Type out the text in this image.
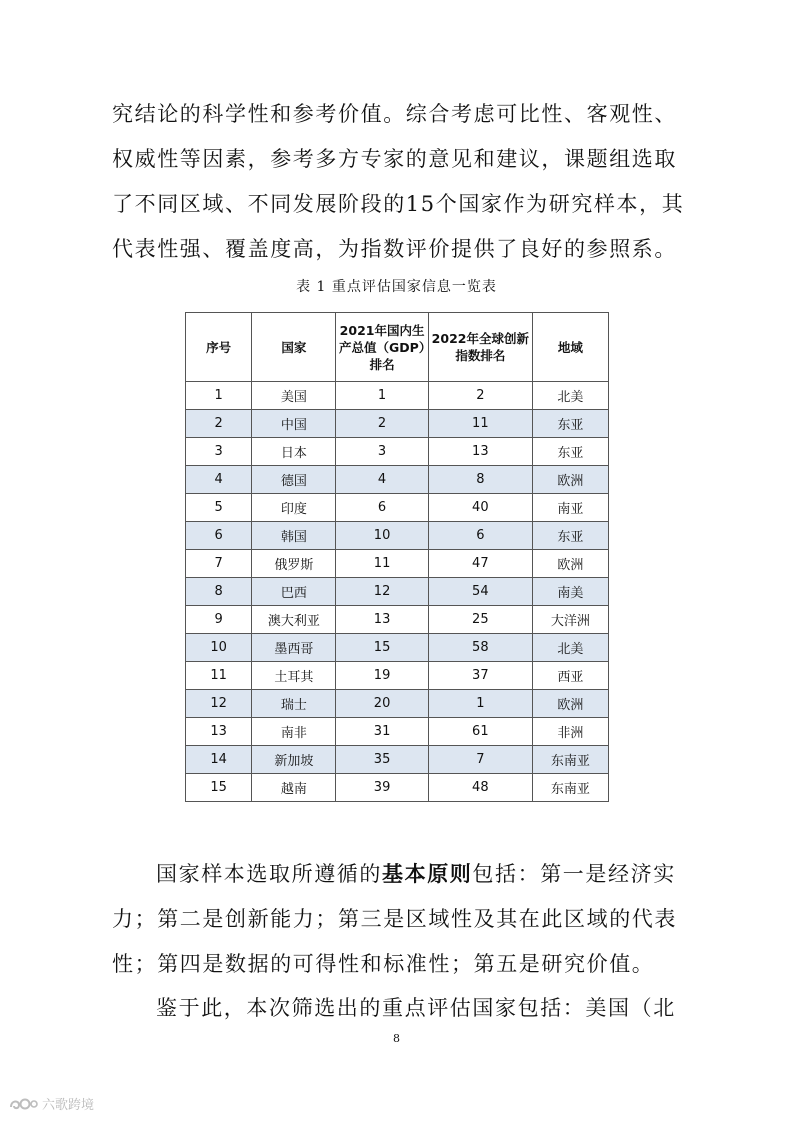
究结论的科学性和参考价值。综合考虑可比性、客观性、权威性等因素，参考多方专家的意见和建议，课题组选取了不同区域、不同发展阶段的15个国家作为研究样本，其代表性强、覆盖度高，为指数评价提供了良好的参照系。

表 1 重点评估国家信息一览表
序号	国家	2021年国内生产总值（GDP）排名	2022年全球创新指数排名	地域
1	美国	1	2	北美
2	中国	2	11	东亚
3	日本	3	13	东亚
4	德国	4	8	欧洲
5	印度	6	40	南亚
6	韩国	10	6	东亚
7	俄罗斯	11	47	欧洲
8	巴西	12	54	南美
9	澳大利亚	13	25	大洋洲
10	墨西哥	15	58	北美
11	土耳其	19	37	西亚
12	瑞士	20	1	欧洲
13	南非	31	61	非洲
14	新加坡	35	7	东南亚
15	越南	39	48	东南亚

国家样本选取所遵循的基本原则包括：第一是经济实力；第二是创新能力；第三是区域性及其在此区域的代表性；第四是数据的可得性和标准性；第五是研究价值。

鉴于此，本次筛选出的重点评估国家包括：美国（北

8
六歌跨境
